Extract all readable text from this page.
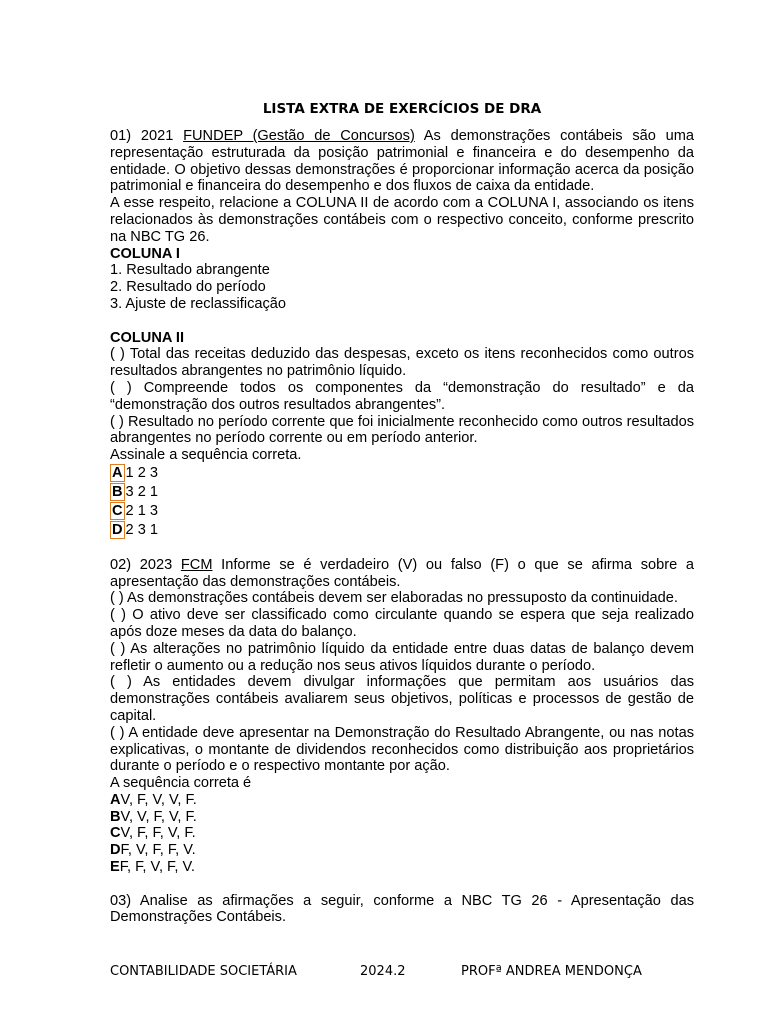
LISTA EXTRA DE EXERCÍCIOS DE DRA

01) 2021 FUNDEP (Gestão de Concursos) As demonstrações contábeis são uma representação estruturada da posição patrimonial e financeira e do desempenho da entidade. O objetivo dessas demonstrações é proporcionar informação acerca da posição patrimonial e financeira do desempenho e dos fluxos de caixa da entidade.

A esse respeito, relacione a COLUNA II de acordo com a COLUNA I, associando os itens relacionados às demonstrações contábeis com o respectivo conceito, conforme prescrito na NBC TG 26.

COLUNA I

1. Resultado abrangente

2. Resultado do período

3. Ajuste de reclassificação

COLUNA II

( ) Total das receitas deduzido das despesas, exceto os itens reconhecidos como outros resultados abrangentes no patrimônio líquido.

( ) Compreende todos os componentes da “demonstração do resultado” e da “demonstração dos outros resultados abrangentes”.

( ) Resultado no período corrente que foi inicialmente reconhecido como outros resultados abrangentes no período corrente ou em período anterior.

Assinale a sequência correta.

A 1 2 3

B 3 2 1

C 2 1 3

D 2 3 1

02) 2023 FCM Informe se é verdadeiro (V) ou falso (F) o que se afirma sobre a apresentação das demonstrações contábeis.

( ) As demonstrações contábeis devem ser elaboradas no pressuposto da continuidade.

( ) O ativo deve ser classificado como circulante quando se espera que seja realizado após doze meses da data do balanço.

( ) As alterações no patrimônio líquido da entidade entre duas datas de balanço devem refletir o aumento ou a redução nos seus ativos líquidos durante o período.

( ) As entidades devem divulgar informações que permitam aos usuários das demonstrações contábeis avaliarem seus objetivos, políticas e processos de gestão de capital.

( ) A entidade deve apresentar na Demonstração do Resultado Abrangente, ou nas notas explicativas, o montante de dividendos reconhecidos como distribuição aos proprietários durante o período e o respectivo montante por ação.

A sequência correta é

AV, F, V, V, F.

BV, V, F, V, F.

CV, F, F, V, F.

DF, V, F, F, V.

EF, F, V, F, V.

03) Analise as afirmações a seguir, conforme a NBC TG 26 - Apresentação das Demonstrações Contábeis.

CONTABILIDADE SOCIETÁRIA	2024.2	PROFª ANDREA MENDONÇA
